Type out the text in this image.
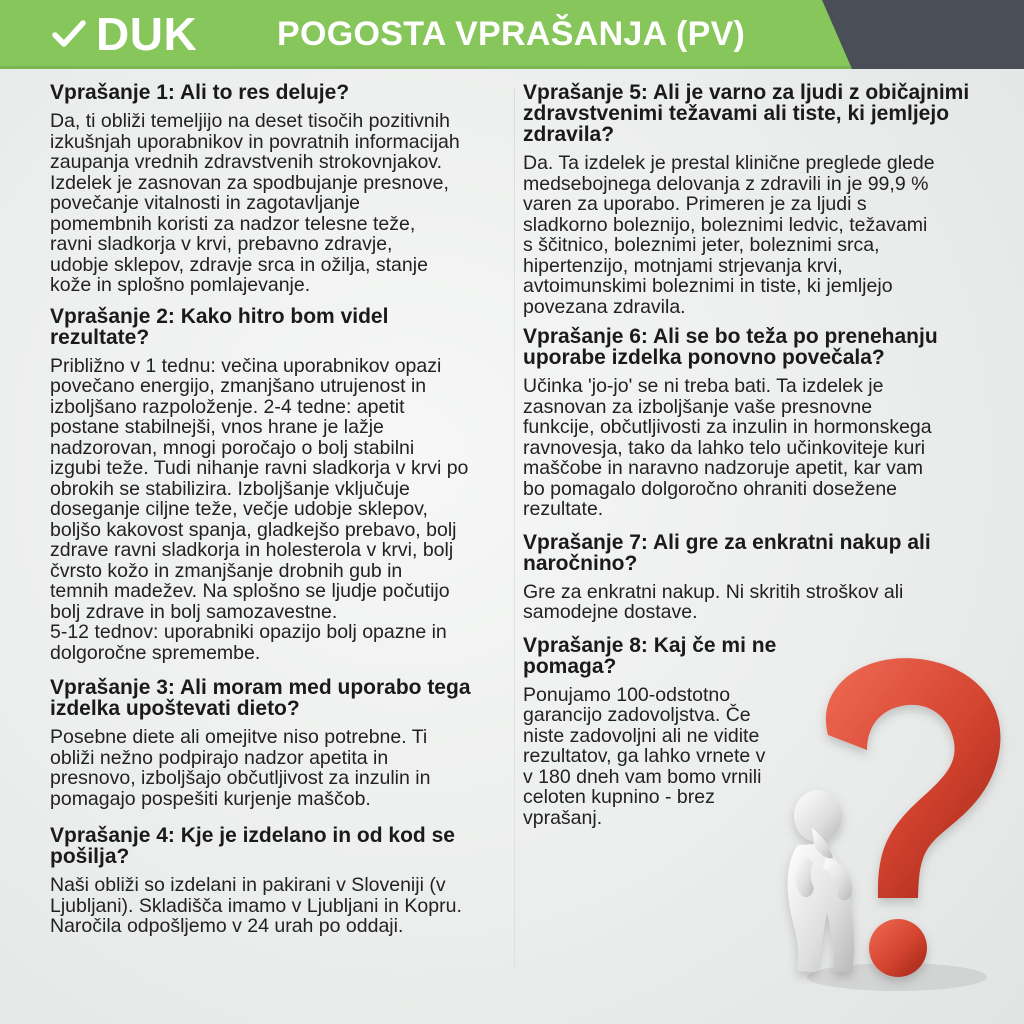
DUK POGOSTA VPRAŠANJA (PV)
Vprašanje 1: Ali to res deluje?
Da, ti obliži temeljijo na deset tisočih pozitivnih
izkušnjah uporabnikov in povratnih informacijah
zaupanja vrednih zdravstvenih strokovnjakov.
Izdelek je zasnovan za spodbujanje presnove,
povečanje vitalnosti in zagotavljanje
pomembnih koristi za nadzor telesne teže,
ravni sladkorja v krvi, prebavno zdravje,
udobje sklepov, zdravje srca in ožilja, stanje
kože in splošno pomlajevanje.
Vprašanje 2: Kako hitro bom videl
rezultate?
Približno v 1 tednu: večina uporabnikov opazi
povečano energijo, zmanjšano utrujenost in
izboljšano razpoloženje. 2-4 tedne: apetit
postane stabilnejši, vnos hrane je lažje
nadzorovan, mnogi poročajo o bolj stabilni
izgubi teže. Tudi nihanje ravni sladkorja v krvi po
obrokih se stabilizira. Izboljšanje vključuje
doseganje ciljne teže, večje udobje sklepov,
boljšo kakovost spanja, gladkejšo prebavo, bolj
zdrave ravni sladkorja in holesterola v krvi, bolj
čvrsto kožo in zmanjšanje drobnih gub in
temnih madežev. Na splošno se ljudje počutijo
bolj zdrave in bolj samozavestne.
5-12 tednov: uporabniki opazijo bolj opazne in
dolgoročne spremembe.
Vprašanje 3: Ali moram med uporabo tega
izdelka upoštevati dieto?
Posebne diete ali omejitve niso potrebne. Ti
obliži nežno podpirajo nadzor apetita in
presnovo, izboljšajo občutljivost za inzulin in
pomagajo pospešiti kurjenje maščob.
Vprašanje 4: Kje je izdelano in od kod se
pošilja?
Naši obliži so izdelani in pakirani v Sloveniji (v
Ljubljani). Skladišča imamo v Ljubljani in Kopru.
Naročila odpošljemo v 24 urah po oddaji.
Vprašanje 5: Ali je varno za ljudi z običajnimi
zdravstvenimi težavami ali tiste, ki jemljejo
zdravila?
Da. Ta izdelek je prestal klinične preglede glede
medsebojnega delovanja z zdravili in je 99,9 %
varen za uporabo. Primeren je za ljudi s
sladkorno boleznijo, boleznimi ledvic, težavami
s ščitnico, boleznimi jeter, boleznimi srca,
hipertenzijo, motnjami strjevanja krvi,
avtoimunskimi boleznimi in tiste, ki jemljejo
povezana zdravila.
Vprašanje 6: Ali se bo teža po prenehanju
uporabe izdelka ponovno povečala?
Učinka 'jo-jo' se ni treba bati. Ta izdelek je
zasnovan za izboljšanje vaše presnovne
funkcije, občutljivosti za inzulin in hormonskega
ravnovesja, tako da lahko telo učinkoviteje kuri
maščobe in naravno nadzoruje apetit, kar vam
bo pomagalo dolgoročno ohraniti dosežene
rezultate.
Vprašanje 7: Ali gre za enkratni nakup ali
naročnino?
Gre za enkratni nakup. Ni skritih stroškov ali
samodejne dostave.
Vprašanje 8: Kaj če mi ne
pomaga?
Ponujamo 100-odstotno
garancijo zadovoljstva. Če
niste zadovoljni ali ne vidite
rezultatov, ga lahko vrnete v
v 180 dneh vam bomo vrnili
celoten kupnino - brez
vprašanj.
